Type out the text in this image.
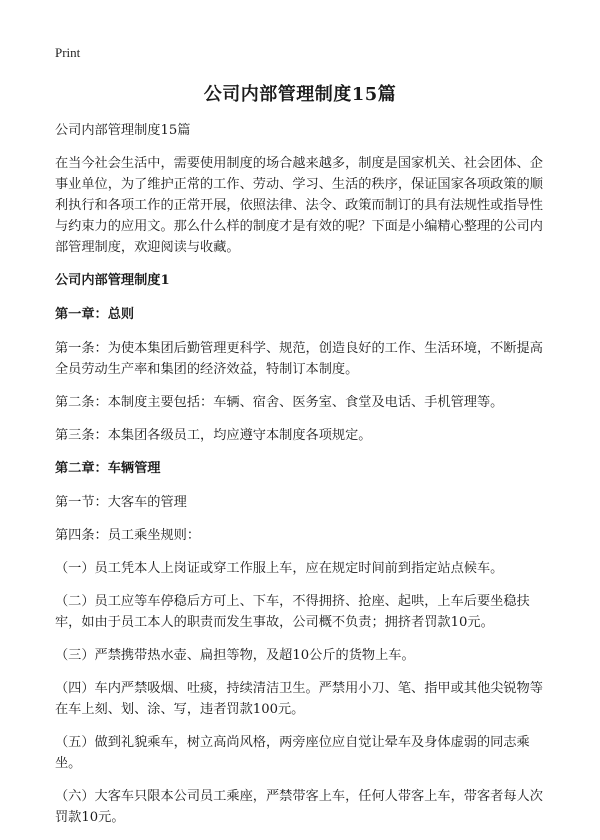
Print
公司内部管理制度15篇

公司内部管理制度15篇

在当今社会生活中，需要使用制度的场合越来越多，制度是国家机关、社会团体、企事业单位，为了维护正常的工作、劳动、学习、生活的秩序，保证国家各项政策的顺利执行和各项工作的正常开展，依照法律、法令、政策而制订的具有法规性或指导性与约束力的应用文。那么什么样的制度才是有效的呢？下面是小编精心整理的公司内部管理制度，欢迎阅读与收藏。

公司内部管理制度1
第一章：总则

第一条：为使本集团后勤管理更科学、规范，创造良好的工作、生活环境，不断提高全员劳动生产率和集团的经济效益，特制订本制度。

第二条：本制度主要包括：车辆、宿舍、医务室、食堂及电话、手机管理等。

第三条：本集团各级员工，均应遵守本制度各项规定。

第二章：车辆管理

第一节：大客车的管理

第四条：员工乘坐规则：

（一）员工凭本人上岗证或穿工作服上车，应在规定时间前到指定站点候车。

（二）员工应等车停稳后方可上、下车，不得拥挤、抢座、起哄，上车后要坐稳扶牢，如由于员工本人的职责而发生事故，公司概不负责；拥挤者罚款10元。

（三）严禁携带热水壶、扁担等物，及超10公斤的货物上车。

（四）车内严禁吸烟、吐痰，持续清洁卫生。严禁用小刀、笔、指甲或其他尖锐物等在车上刻、划、涂、写，违者罚款100元。

（五）做到礼貌乘车，树立高尚风格，两旁座位应自觉让晕车及身体虚弱的同志乘坐。

（六）大客车只限本公司员工乘座，严禁带客上车，任何人带客上车，带客者每人次罚款10元。
